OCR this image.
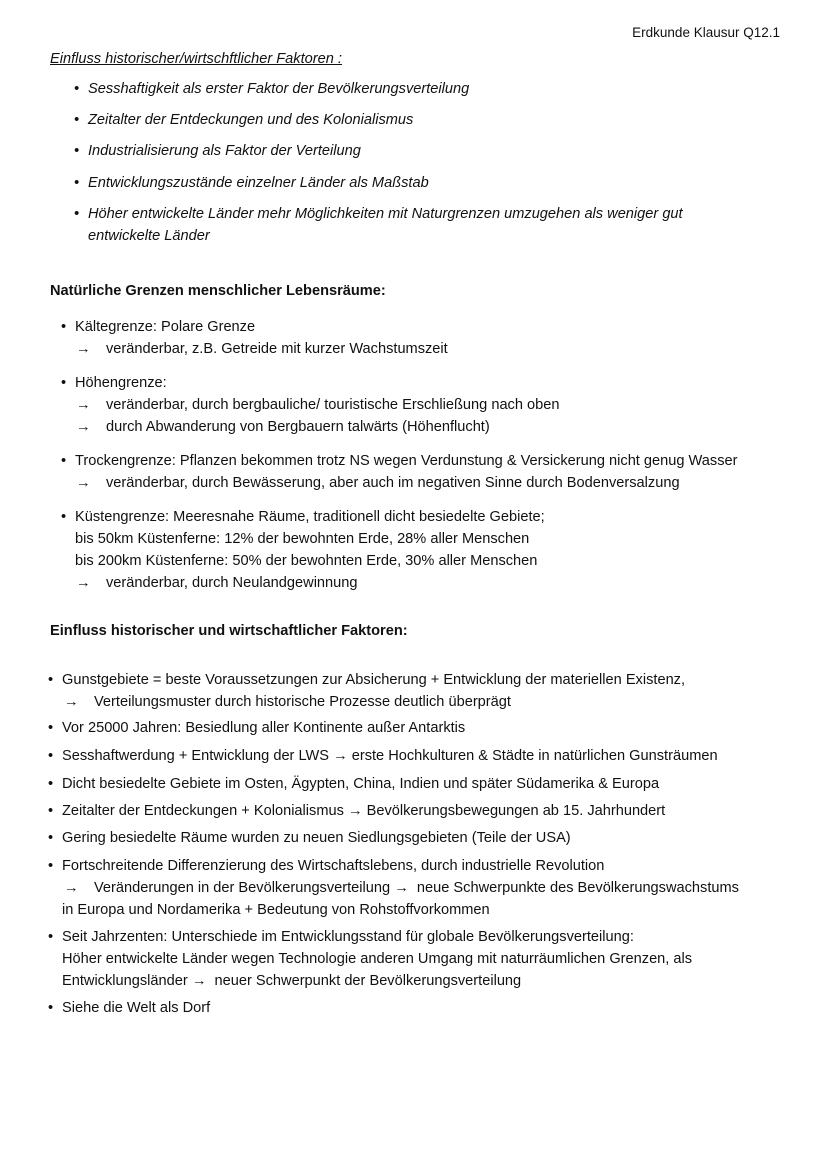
Erdkunde Klausur Q12.1
Einfluss historischer/wirtschftlicher Faktoren :
• Sesshaftigkeit als erster Faktor der Bevölkerungsverteilung
• Zeitalter der Entdeckungen und des Kolonialismus
• Industrialisierung als Faktor der Verteilung
• Entwicklungszustände einzelner Länder als Maßstab
• Höher entwickelte Länder mehr Möglichkeiten mit Naturgrenzen umzugehen als weniger gut
entwickelte Länder
Natürliche Grenzen menschlicher Lebensräume:
• Kältegrenze: Polare Grenze
→ veränderbar, z.B. Getreide mit kurzer Wachstumszeit
• Höhengrenze:
→ veränderbar, durch bergbauliche/ touristische Erschließung nach oben
→ durch Abwanderung von Bergbauern talwärts (Höhenflucht)
• Trockengrenze: Pflanzen bekommen trotz NS wegen Verdunstung & Versickerung nicht genug Wasser
→ veränderbar, durch Bewässerung, aber auch im negativen Sinne durch Bodenversalzung
• Küstengrenze: Meeresnahe Räume, traditionell dicht besiedelte Gebiete;
bis 50km Küstenferne: 12% der bewohnten Erde, 28% aller Menschen
bis 200km Küstenferne: 50% der bewohnten Erde, 30% aller Menschen
→ veränderbar, durch Neulandgewinnung
Einfluss historischer und wirtschaftlicher Faktoren:
• Gunstgebiete = beste Voraussetzungen zur Absicherung + Entwicklung der materiellen Existenz,
→ Verteilungsmuster durch historische Prozesse deutlich überprägt
• Vor 25000 Jahren: Besiedlung aller Kontinente außer Antarktis
• Sesshaftwerdung + Entwicklung der LWS → erste Hochkulturen & Städte in natürlichen Gunsträumen
• Dicht besiedelte Gebiete im Osten, Ägypten, China, Indien und später Südamerika & Europa
• Zeitalter der Entdeckungen + Kolonialismus → Bevölkerungsbewegungen ab 15. Jahrhundert
• Gering besiedelte Räume wurden zu neuen Siedlungsgebieten (Teile der USA)
• Fortschreitende Differenzierung des Wirtschaftslebens, durch industrielle Revolution
→ Veränderungen in der Bevölkerungsverteilung → neue Schwerpunkte des Bevölkerungswachstums
in Europa und Nordamerika + Bedeutung von Rohstoffvorkommen
• Seit Jahrzenten: Unterschiede im Entwicklungsstand für globale Bevölkerungsverteilung:
Höher entwickelte Länder wegen Technologie anderen Umgang mit naturräumlichen Grenzen, als
Entwicklungsländer → neuer Schwerpunkt der Bevölkerungsverteilung
• Siehe die Welt als Dorf
